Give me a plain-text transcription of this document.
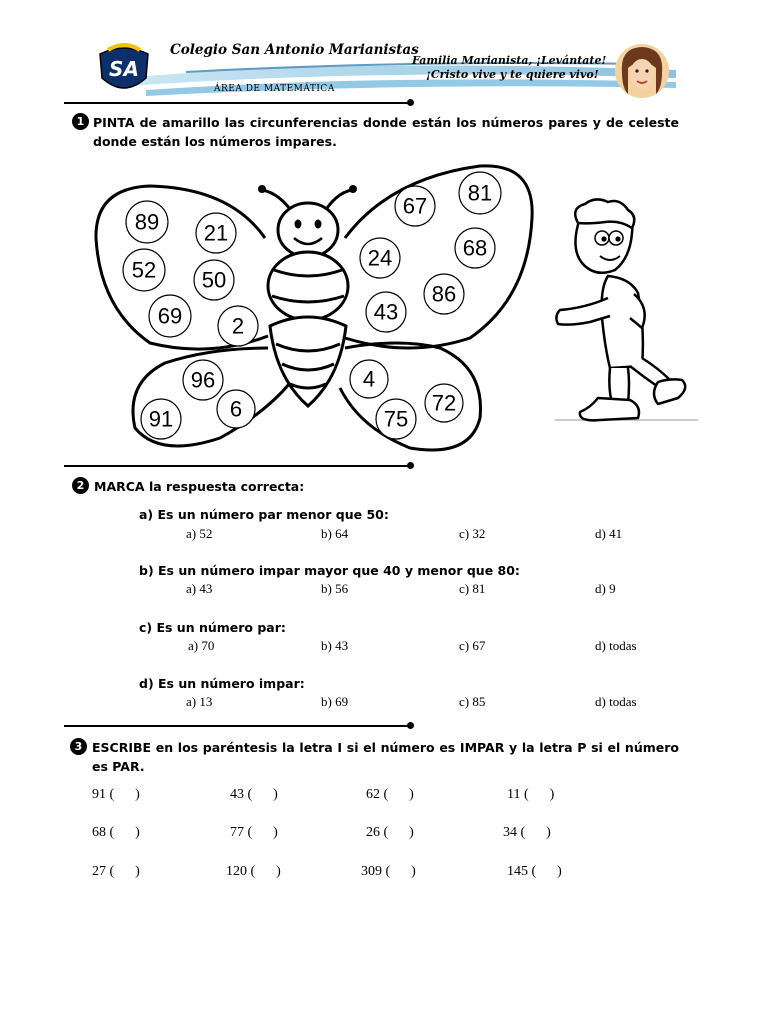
SA
Colegio San Antonio Marianistas
ÁREA DE MATEMÁTICA
Familia Marianista, ¡Levántate!
¡Cristo vive y te quiere vivo!
1 PINTA de amarillo las circunferencias donde están los números pares y de celeste donde están los números impares.
89 21
52 50
69 2
67
81
24	68
86
43
96
6
91
4
72
75
2 MARCA la respuesta correcta:
a) Es un número par menor que 50:
a) 52	b) 64	c) 32	d) 41
b) Es un número impar mayor que 40 y menor que 80:
a) 43	b) 56	c) 81	d) 9
c) Es un número par:
a) 70	b) 43	c) 67	d) todas
d) Es un número impar:
a) 13	b) 69	c) 85	d) todas
3 ESCRIBE en los paréntesis la letra I si el número es IMPAR y la letra P si el número es PAR.
91 (      )	43 (      )	62 (      )	11 (      )
68 (      )	77 (      )	26 (      )	34 (      )
27 (      )	120 (      )	309 (      )	145 (      )
